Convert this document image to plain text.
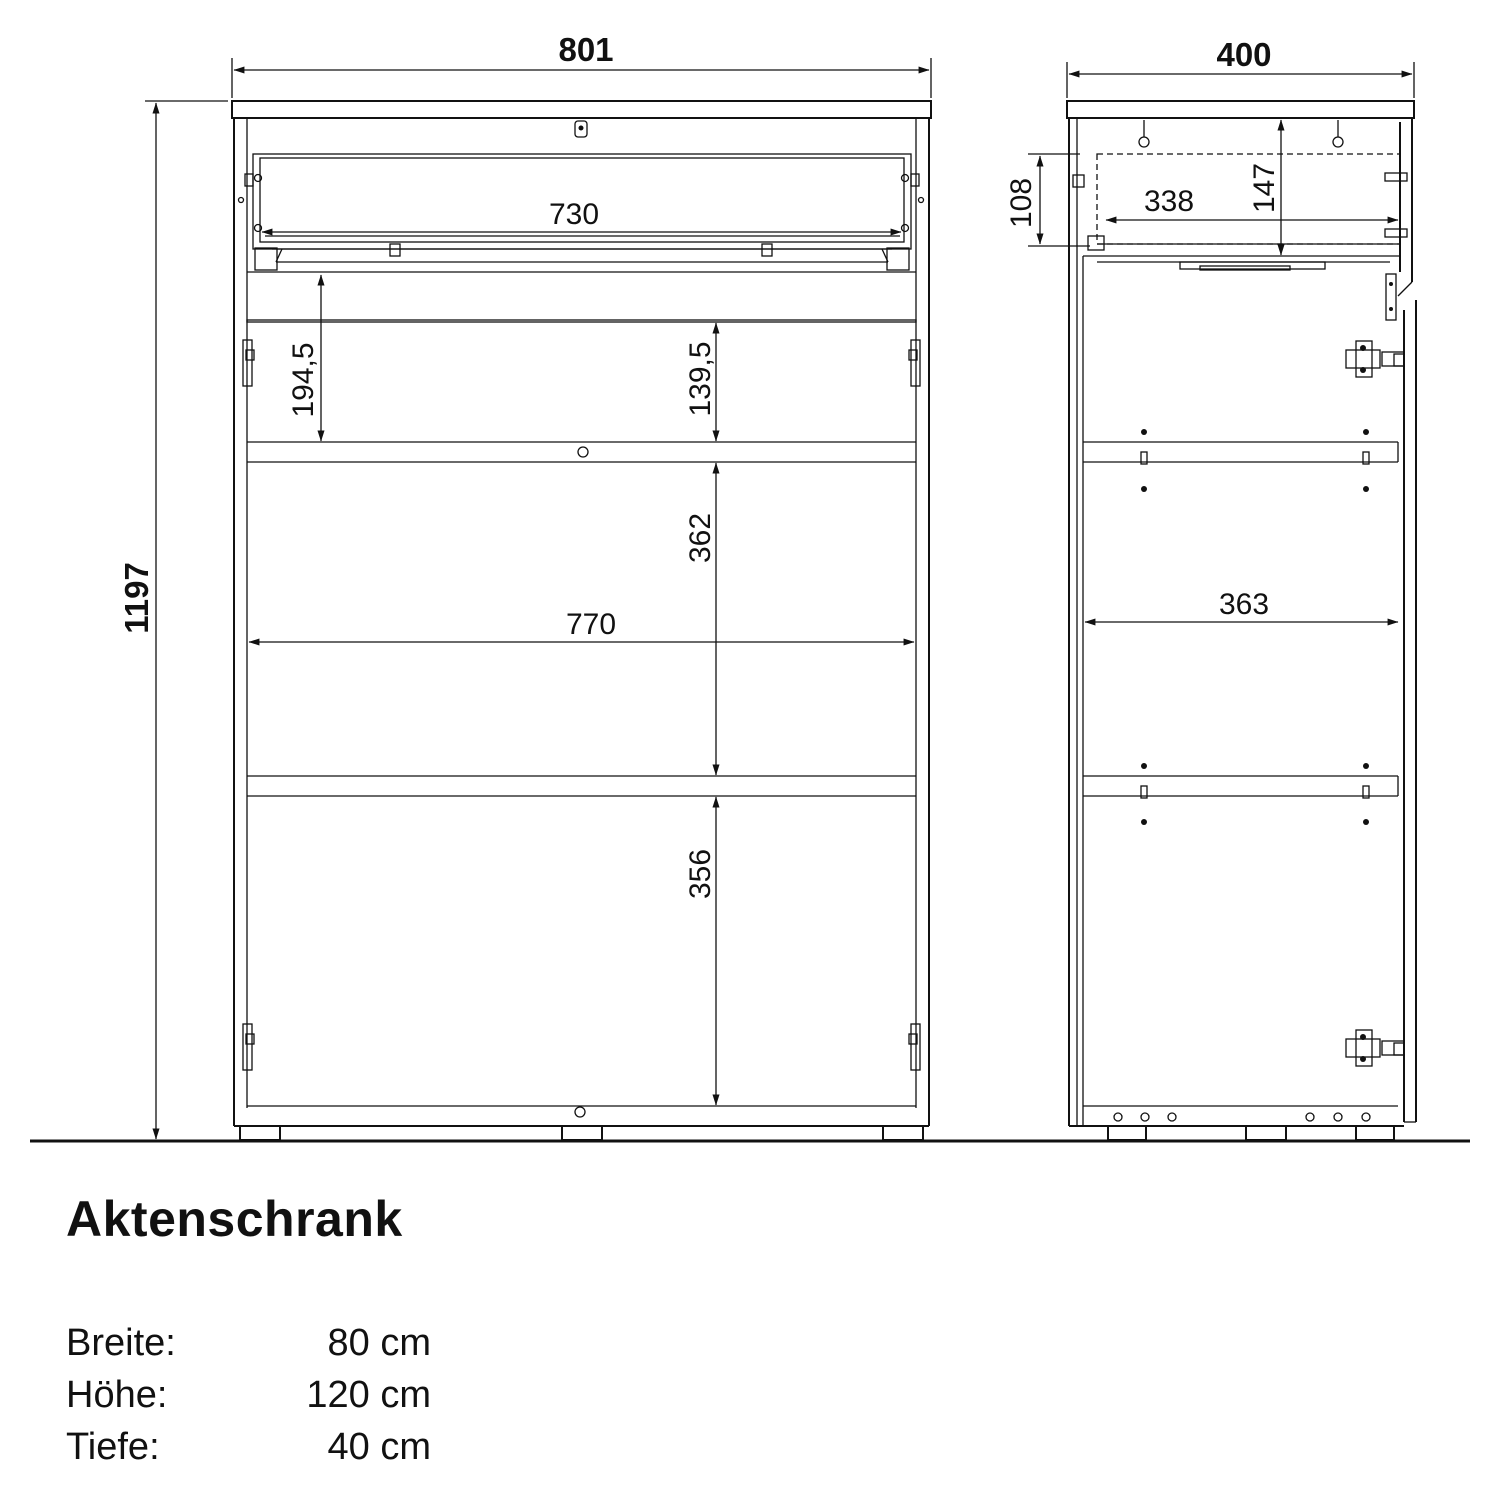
801	400
1197
730
194,5	139,5
362
770
356
108	338 147
363
Aktenschrank
Breite:	80 cm
Höhe:	120 cm
Tiefe:	40 cm
